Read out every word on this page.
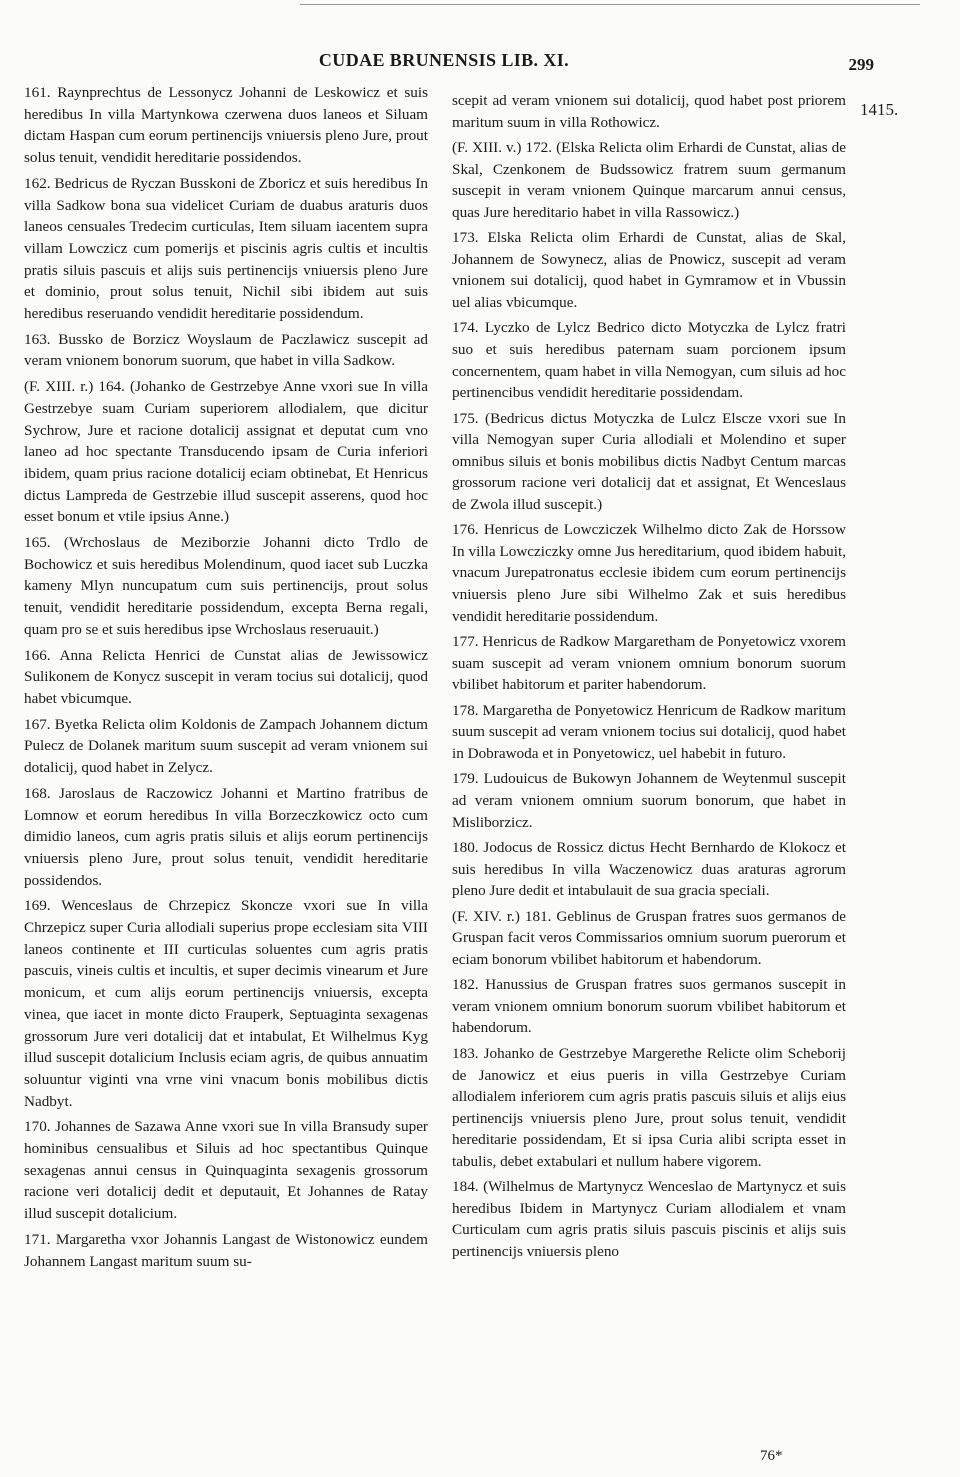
CUDAE BRUNENSIS LIB. XI.	299

161. Raynprechtus de Lessonycz Johanni de Leskowicz et suis heredibus In villa Martynkowa czerwena duos laneos et Siluam dictam Haspan cum eorum pertinencijs vniuersis pleno Jure, prout solus tenuit, vendidit hereditarie possidendos.

162. Bedricus de Ryczan Busskoni de Zboricz et suis heredibus In villa Sadkow bona sua videlicet Curiam de duabus araturis duos laneos censuales Tredecim curticulas, Item siluam iacentem supra villam Lowczicz cum pomerijs et piscinis agris cultis et incultis pratis siluis pascuis et alijs suis pertinencijs vniuersis pleno Jure et dominio, prout solus tenuit, Nichil sibi ibidem aut suis heredibus reseruando vendidit hereditarie possidendum.

163. Bussko de Borzicz Woyslaum de Paczlawicz suscepit ad veram vnionem bonorum suorum, que habet in villa Sadkow.

(F. XIII. r.) 164. (Johanko de Gestrzebye Anne vxori sue In villa Gestrzebye suam Curiam superiorem allodialem, que dicitur Sychrow, Jure et racione dotalicij assignat et deputat cum vno laneo ad hoc spectante Transducendo ipsam de Curia inferiori ibidem, quam prius racione dotalicij eciam obtinebat, Et Henricus dictus Lampreda de Gestrzebie illud suscepit asserens, quod hoc esset bonum et vtile ipsius Anne.)

165. (Wrchoslaus de Meziborzie Johanni dicto Trdlo de Bochowicz et suis heredibus Molendinum, quod iacet sub Luczka kameny Mlyn nuncupatum cum suis pertinencijs, prout solus tenuit, vendidit hereditarie possidendum, excepta Berna regali, quam pro se et suis heredibus ipse Wrchoslaus reseruauit.)

166. Anna Relicta Henrici de Cunstat alias de Jewissowicz Sulikonem de Konycz suscepit in veram tocius sui dotalicij, quod habet vbicumque.

167. Byetka Relicta olim Koldonis de Zampach Johannem dictum Pulecz de Dolanek maritum suum suscepit ad veram vnionem sui dotalicij, quod habet in Zelycz.

168. Jaroslaus de Raczowicz Johanni et Martino fratribus de Lomnow et eorum heredibus In villa Borzeczkowicz octo cum dimidio laneos, cum agris pratis siluis et alijs eorum pertinencijs vniuersis pleno Jure, prout solus tenuit, vendidit hereditarie possidendos.

169. Wenceslaus de Chrzepicz Skoncze vxori sue In villa Chrzepicz super Curia allodiali superius prope ecclesiam sita VIII laneos continente et III curticulas soluentes cum agris pratis pascuis, vineis cultis et incultis, et super decimis vinearum et Jure monicum, et cum alijs eorum pertinencijs vniuersis, excepta vinea, que iacet in monte dicto Frauperk, Septuaginta sexagenas grossorum Jure veri dotalicij dat et intabulat, Et Wilhelmus Kyg illud suscepit dotalicium Inclusis eciam agris, de quibus annuatim soluuntur viginti vna vrne vini vnacum bonis mobilibus dictis Nadbyt.

170. Johannes de Sazawa Anne vxori sue In villa Bransudy super hominibus censualibus et Siluis ad hoc spectantibus Quinque sexagenas annui census in Quinquaginta sexagenis grossorum racione veri dotalicij dedit et deputauit, Et Johannes de Ratay illud suscepit dotalicium.

171. Margaretha vxor Johannis Langast de Wistonowicz eundem Johannem Langast maritum suum su-

1415.

scepit ad veram vnionem sui dotalicij, quod habet post priorem maritum suum in villa Rothowicz.

(F. XIII. v.) 172. (Elska Relicta olim Erhardi de Cunstat, alias de Skal, Czenkonem de Budssowicz fratrem suum germanum suscepit in veram vnionem Quinque marcarum annui census, quas Jure hereditario habet in villa Rassowicz.)

173. Elska Relicta olim Erhardi de Cunstat, alias de Skal, Johannem de Sowynecz, alias de Pnowicz, suscepit ad veram vnionem sui dotalicij, quod habet in Gymramow et in Vbussin uel alias vbicumque.

174. Lyczko de Lylcz Bedrico dicto Motyczka de Lylcz fratri suo et suis heredibus paternam suam porcionem ipsum concernentem, quam habet in villa Nemogyan, cum siluis ad hoc pertinencibus vendidit hereditarie possidendam.

175. (Bedricus dictus Motyczka de Lulcz Elscze vxori sue In villa Nemogyan super Curia allodiali et Molendino et super omnibus siluis et bonis mobilibus dictis Nadbyt Centum marcas grossorum racione veri dotalicij dat et assignat, Et Wenceslaus de Zwola illud suscepit.)

176. Henricus de Lowcziczek Wilhelmo dicto Zak de Horssow In villa Lowcziczky omne Jus hereditarium, quod ibidem habuit, vnacum Jurepatronatus ecclesie ibidem cum eorum pertinencijs vniuersis pleno Jure sibi Wilhelmo Zak et suis heredibus vendidit hereditarie possidendum.

177. Henricus de Radkow Margaretham de Ponyetowicz vxorem suam suscepit ad veram vnionem omnium bonorum suorum vbilibet habitorum et pariter habendorum.

178. Margaretha de Ponyetowicz Henricum de Radkow maritum suum suscepit ad veram vnionem tocius sui dotalicij, quod habet in Dobrawoda et in Ponyetowicz, uel habebit in futuro.

179. Ludouicus de Bukowyn Johannem de Weytenmul suscepit ad veram vnionem omnium suorum bonorum, que habet in Misliborzicz.

180. Jodocus de Rossicz dictus Hecht Bernhardo de Klokocz et suis heredibus In villa Waczenowicz duas araturas agrorum pleno Jure dedit et intabulauit de sua gracia speciali.

(F. XIV. r.) 181. Geblinus de Gruspan fratres suos germanos de Gruspan facit veros Commissarios omnium suorum puerorum et eciam bonorum vbilibet habitorum et habendorum.

182. Hanussius de Gruspan fratres suos germanos suscepit in veram vnionem omnium bonorum suorum vbilibet habitorum et habendorum.

183. Johanko de Gestrzebye Margerethe Relicte olim Scheborij de Janowicz et eius pueris in villa Gestrzebye Curiam allodialem inferiorem cum agris pratis pascuis siluis et alijs eius pertinencijs vniuersis pleno Jure, prout solus tenuit, vendidit hereditarie possidendam, Et si ipsa Curia alibi scripta esset in tabulis, debet extabulari et nullum habere vigorem.

184. (Wilhelmus de Martynycz Wenceslao de Martynycz et suis heredibus Ibidem in Martynycz Curiam allodialem et vnam Curticulam cum agris pratis siluis pascuis piscinis et alijs suis pertinencijs vniuersis pleno

76*
